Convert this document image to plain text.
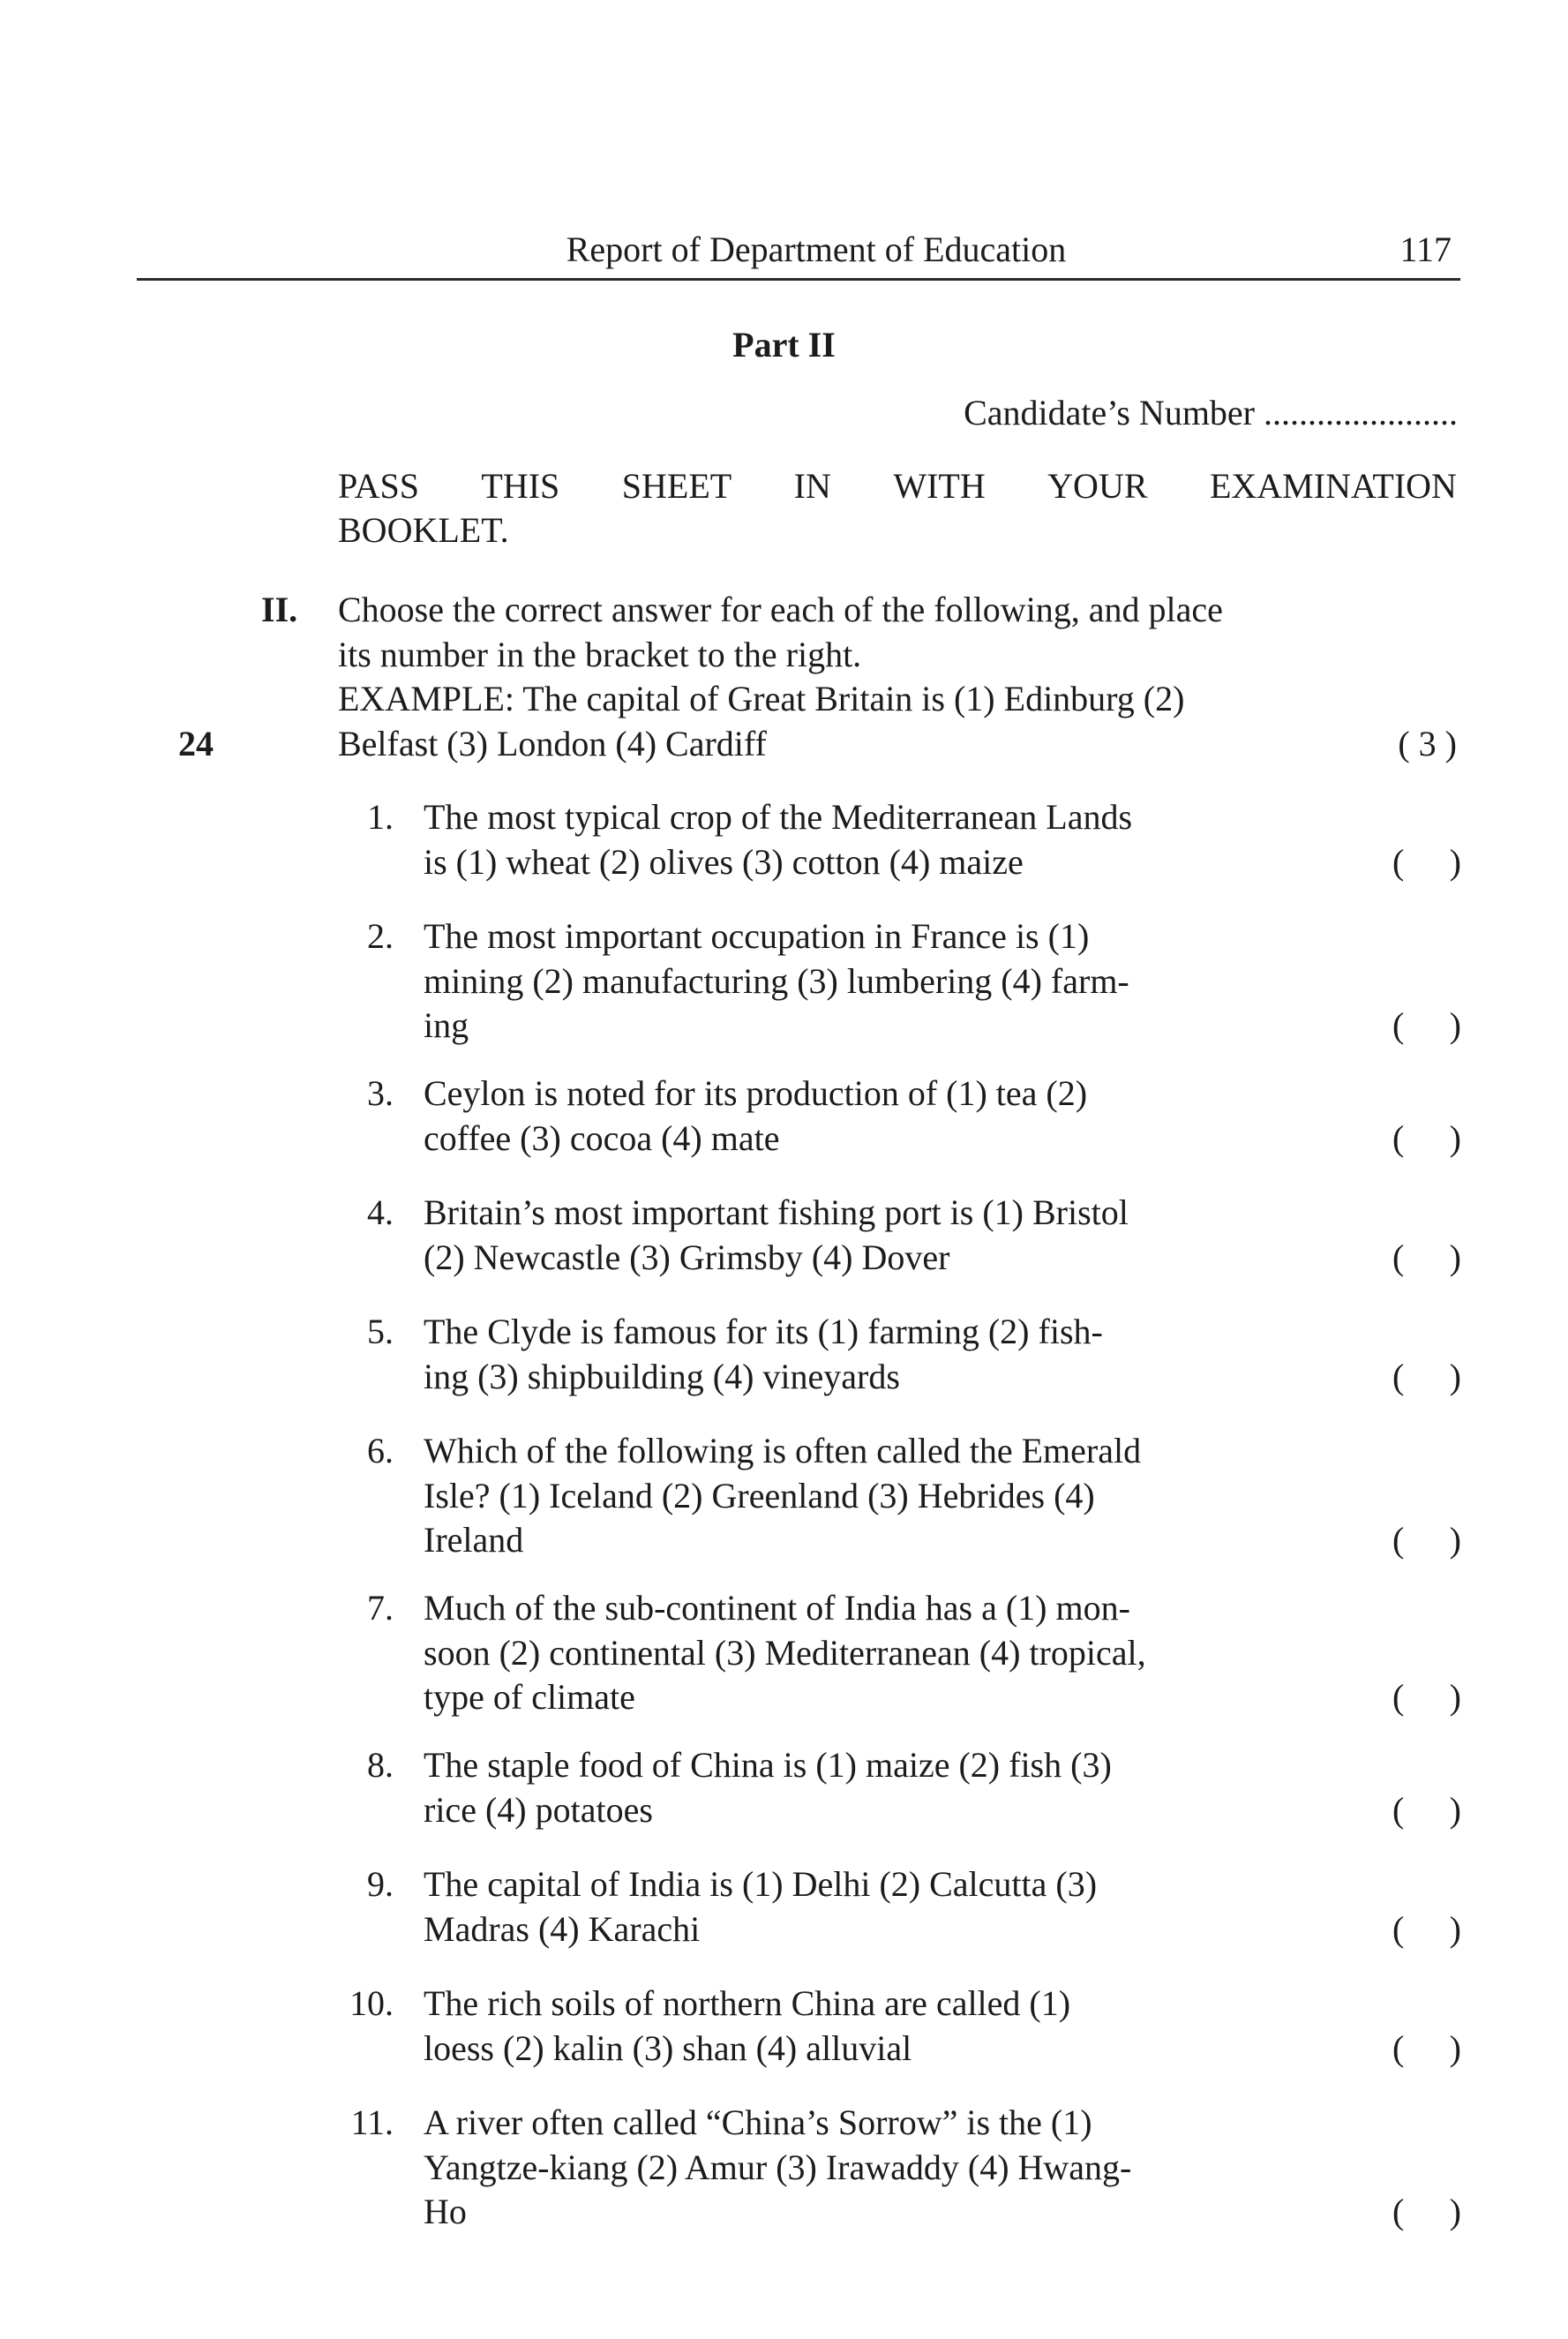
Report of Department of Education	117
Part II
Candidate’s Number ......................
PASS THIS SHEET IN WITH YOUR EXAMINATION
BOOKLET.
II. Choose the correct answer for each of the following, and place
its number in the bracket to the right.
EXAMPLE: The capital of Great Britain is (1) Edinburg (2)
Belfast (3) London (4) Cardiff	( 3 )
24
1. The most typical crop of the Mediterranean Lands
is (1) wheat (2) olives (3) cotton (4) maize	( )
2. The most important occupation in France is (1)
mining (2) manufacturing (3) lumbering (4) farm-
ing	( )
3. Ceylon is noted for its production of (1) tea (2)
coffee (3) cocoa (4) mate	( )
4. Britain’s most important fishing port is (1) Bristol
(2) Newcastle (3) Grimsby (4) Dover	( )
5. The Clyde is famous for its (1) farming (2) fish-
ing (3) shipbuilding (4) vineyards	( )
6. Which of the following is often called the Emerald
Isle? (1) Iceland (2) Greenland (3) Hebrides (4)
Ireland	( )
7. Much of the sub-continent of India has a (1) mon-
soon (2) continental (3) Mediterranean (4) tropical,
type of climate	( )
8. The staple food of China is (1) maize (2) fish (3)
rice (4) potatoes	( )
9. The capital of India is (1) Delhi (2) Calcutta (3)
Madras (4) Karachi	( )
10. The rich soils of northern China are called (1)
loess (2) kalin (3) shan (4) alluvial	( )
11. A river often called “China’s Sorrow” is the (1)
Yangtze-kiang (2) Amur (3) Irawaddy (4) Hwang-
Ho	( )
